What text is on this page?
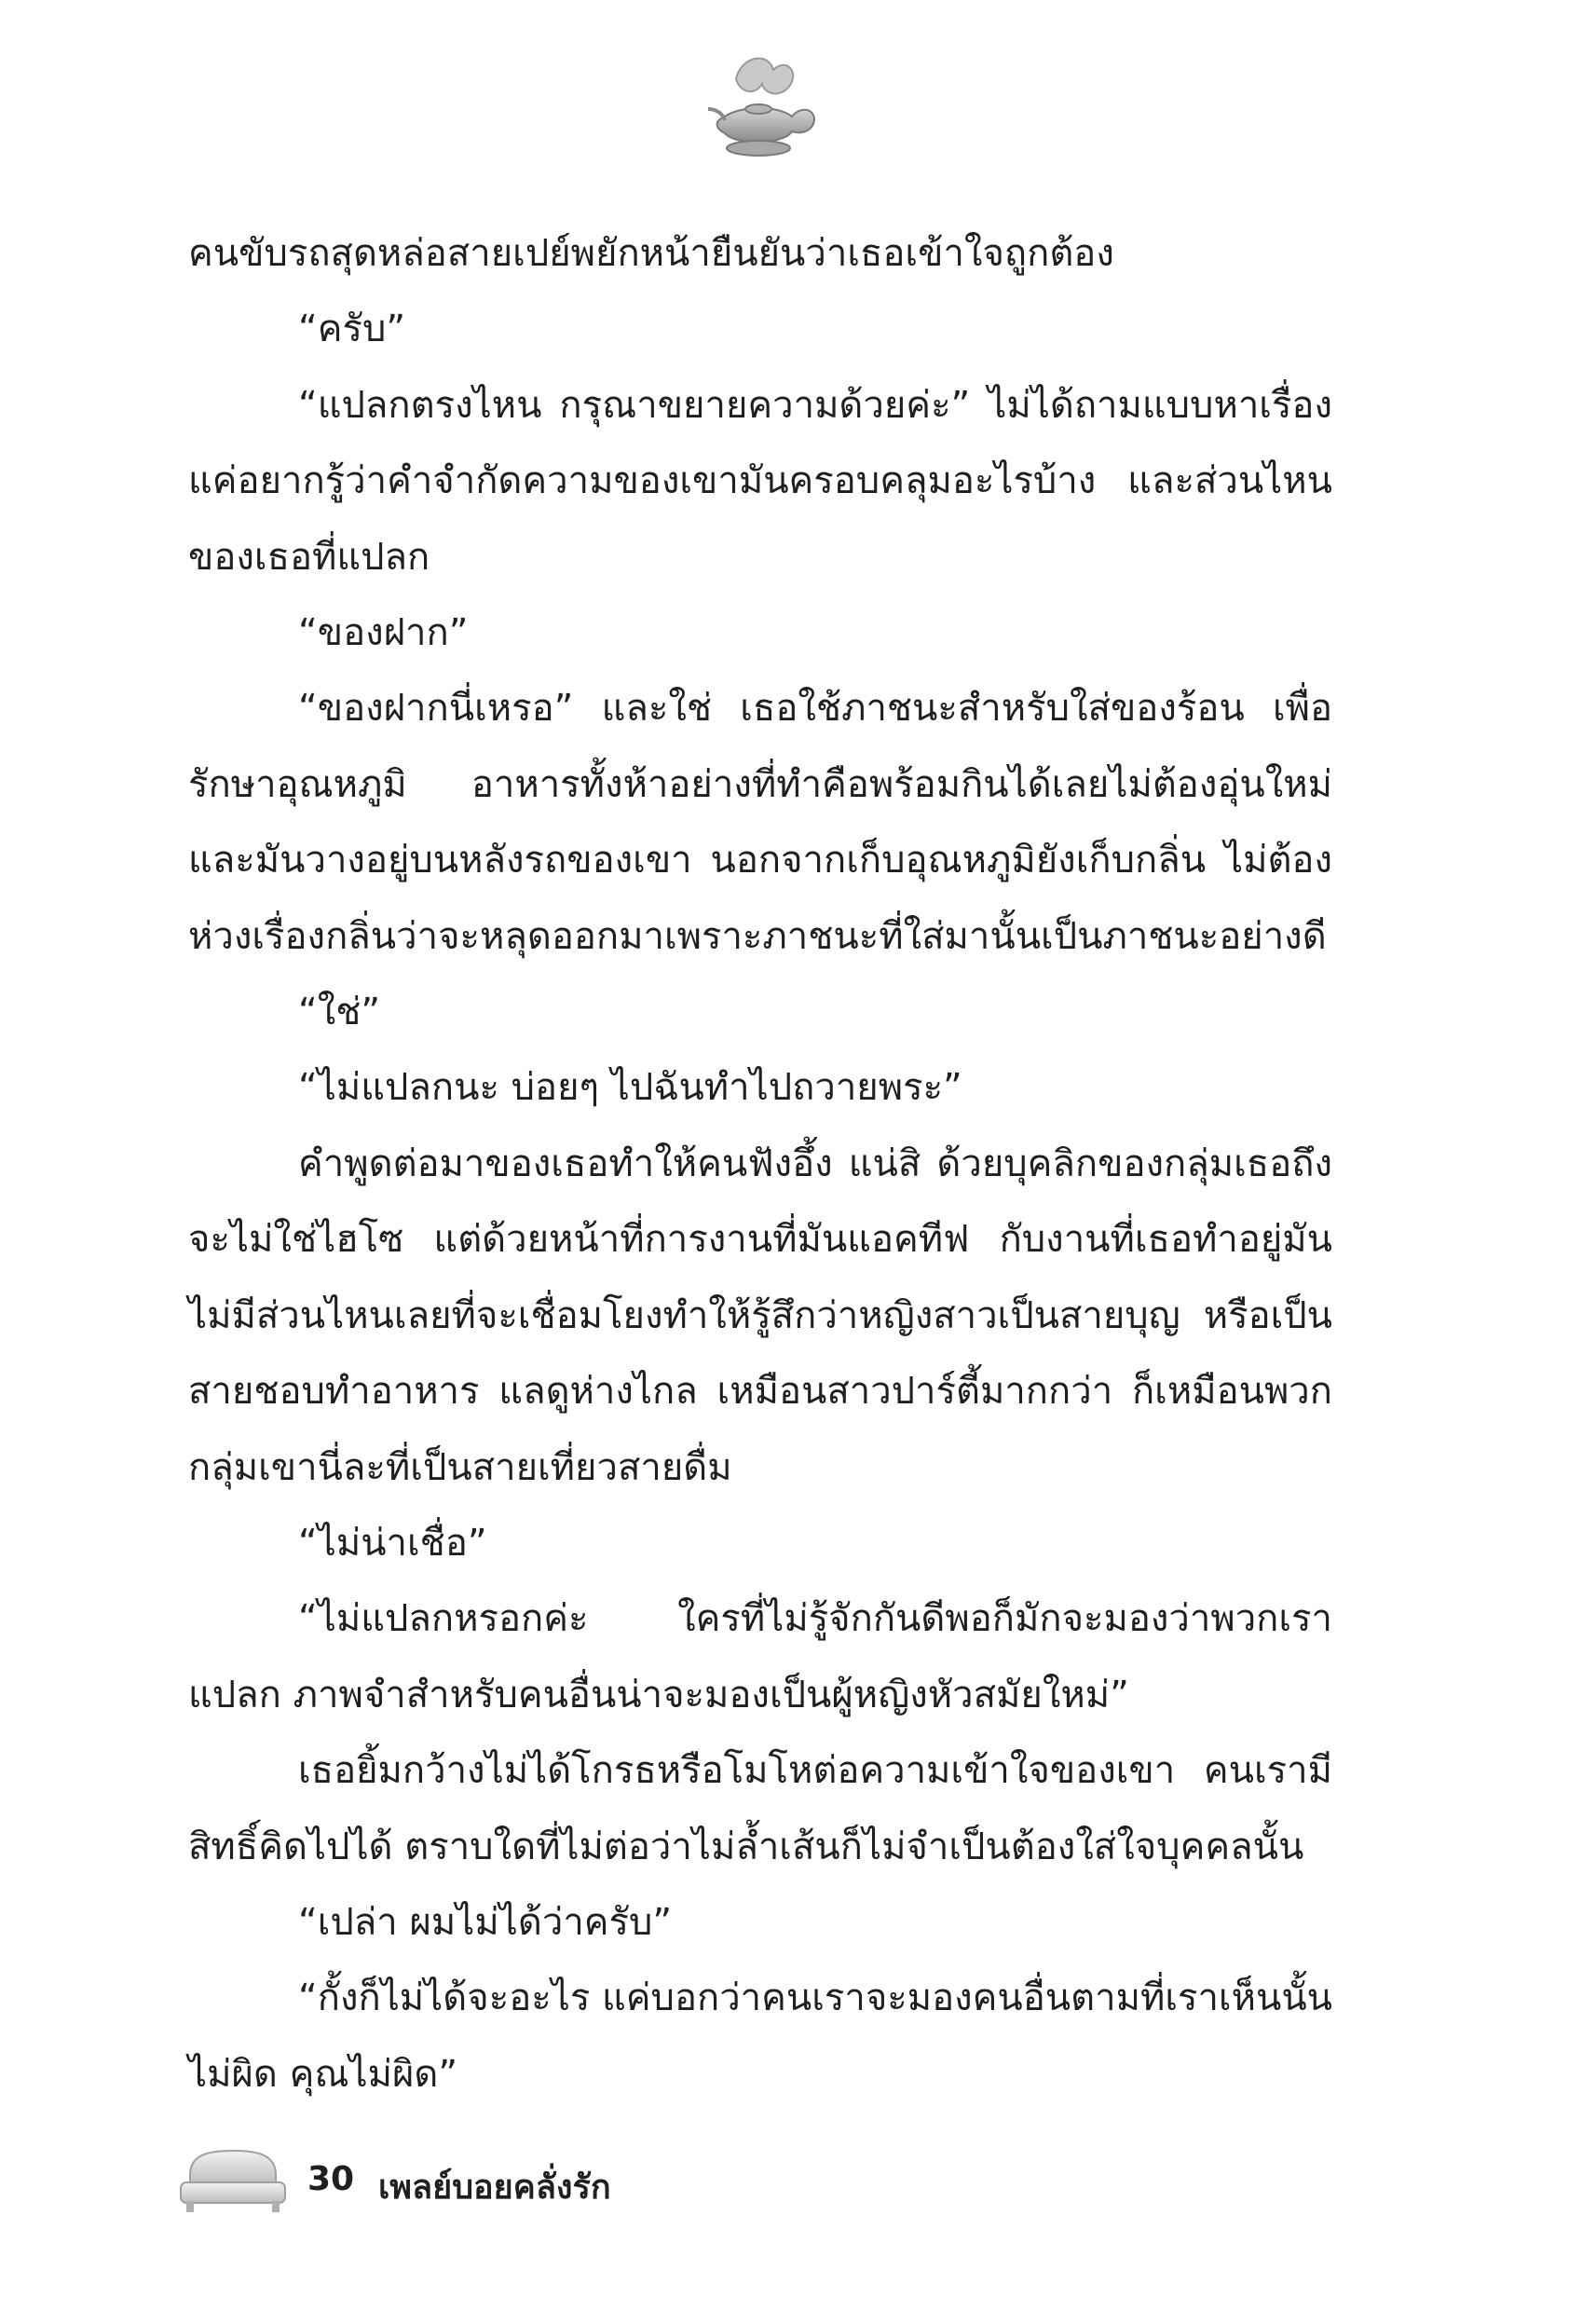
คนขับรถสุดหล่อสายเปย์พยักหน้ายืนยันว่าเธอเข้าใจถูกต้อง

“ครับ”

“แปลกตรงไหน กรุณาขยายความด้วยค่ะ” ไม่ได้ถามแบบหาเรื่อง แค่อยากรู้ว่าคำจำกัดความของเขามันครอบคลุมอะไรบ้าง และส่วนไหนของเธอที่แปลก

“ของฝาก”

“ของฝากนี่เหรอ” และใช่ เธอใช้ภาชนะสำหรับใส่ของร้อน เพื่อรักษาอุณหภูมิ อาหารทั้งห้าอย่างที่ทำคือพร้อมกินได้เลยไม่ต้องอุ่นใหม่ และมันวางอยู่บนหลังรถของเขา นอกจากเก็บอุณหภูมิยังเก็บกลิ่น ไม่ต้องห่วงเรื่องกลิ่นว่าจะหลุดออกมาเพราะภาชนะที่ใส่มานั้นเป็นภาชนะอย่างดี

“ใช่”

“ไม่แปลกนะ บ่อยๆ ไปฉันทำไปถวายพระ”

คำพูดต่อมาของเธอทำให้คนฟังอึ้ง แน่สิ ด้วยบุคลิกของกลุ่มเธอถึงจะไม่ใช่ไฮโซ แต่ด้วยหน้าที่การงานที่มันแอคทีฟ กับงานที่เธอทำอยู่มันไม่มีส่วนไหนเลยที่จะเชื่อมโยงทำให้รู้สึกว่าหญิงสาวเป็นสายบุญ หรือเป็นสายชอบทำอาหาร แลดูห่างไกล เหมือนสาวปาร์ตี้มากกว่า ก็เหมือนพวกกลุ่มเขานี่ละที่เป็นสายเที่ยวสายดื่ม

“ไม่น่าเชื่อ”

“ไม่แปลกหรอกค่ะ ใครที่ไม่รู้จักกันดีพอก็มักจะมองว่าพวกเราแปลก ภาพจำสำหรับคนอื่นน่าจะมองเป็นผู้หญิงหัวสมัยใหม่”

เธอยิ้มกว้างไม่ได้โกรธหรือโมโหต่อความเข้าใจของเขา คนเรามีสิทธิ์คิดไปได้ ตราบใดที่ไม่ต่อว่าไม่ล้ำเส้นก็ไม่จำเป็นต้องใส่ใจบุคคลนั้น

“เปล่า ผมไม่ได้ว่าครับ”

“กั้งก็ไม่ได้จะอะไร แค่บอกว่าคนเราจะมองคนอื่นตามที่เราเห็นนั้นไม่ผิด คุณไม่ผิด”

30 เพลย์บอยคลั่งรัก
